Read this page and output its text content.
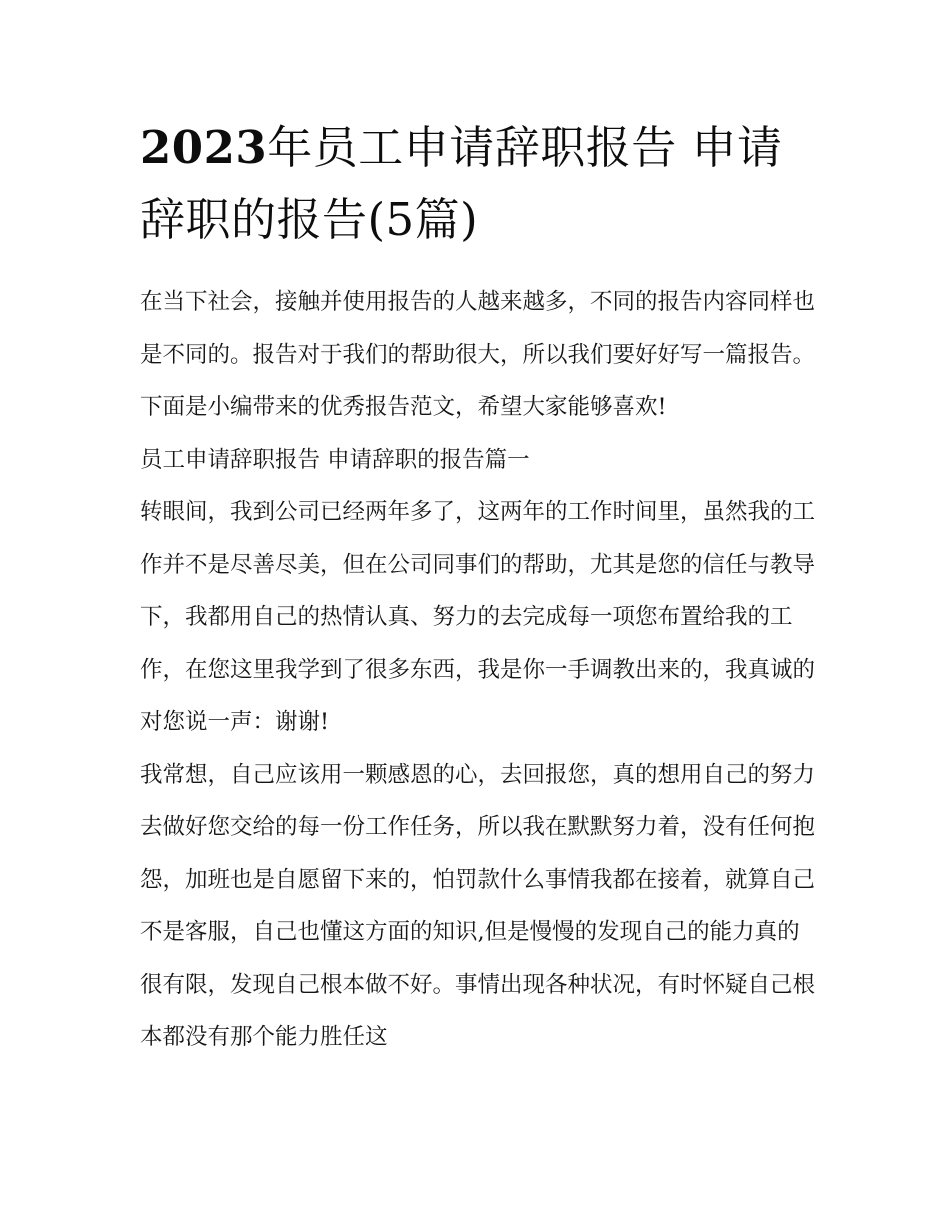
2023年员工申请辞职报告 申请辞职的报告(5篇)

在当下社会，接触并使用报告的人越来越多，不同的报告内容同样也是不同的。报告对于我们的帮助很大，所以我们要好好写一篇报告。下面是小编带来的优秀报告范文，希望大家能够喜欢!

员工申请辞职报告 申请辞职的报告篇一

转眼间，我到公司已经两年多了，这两年的工作时间里，虽然我的工作并不是尽善尽美，但在公司同事们的帮助，尤其是您的信任与教导下，我都用自己的热情认真、努力的去完成每一项您布置给我的工作，在您这里我学到了很多东西，我是你一手调教出来的，我真诚的对您说一声：谢谢!

我常想，自己应该用一颗感恩的心，去回报您，真的想用自己的努力去做好您交给的每一份工作任务，所以我在默默努力着，没有任何抱怨，加班也是自愿留下来的，怕罚款什么事情我都在接着，就算自己不是客服，自己也懂这方面的知识,但是慢慢的发现自己的能力真的很有限，发现自己根本做不好。事情出现各种状况，有时怀疑自己根本都没有那个能力胜任这
